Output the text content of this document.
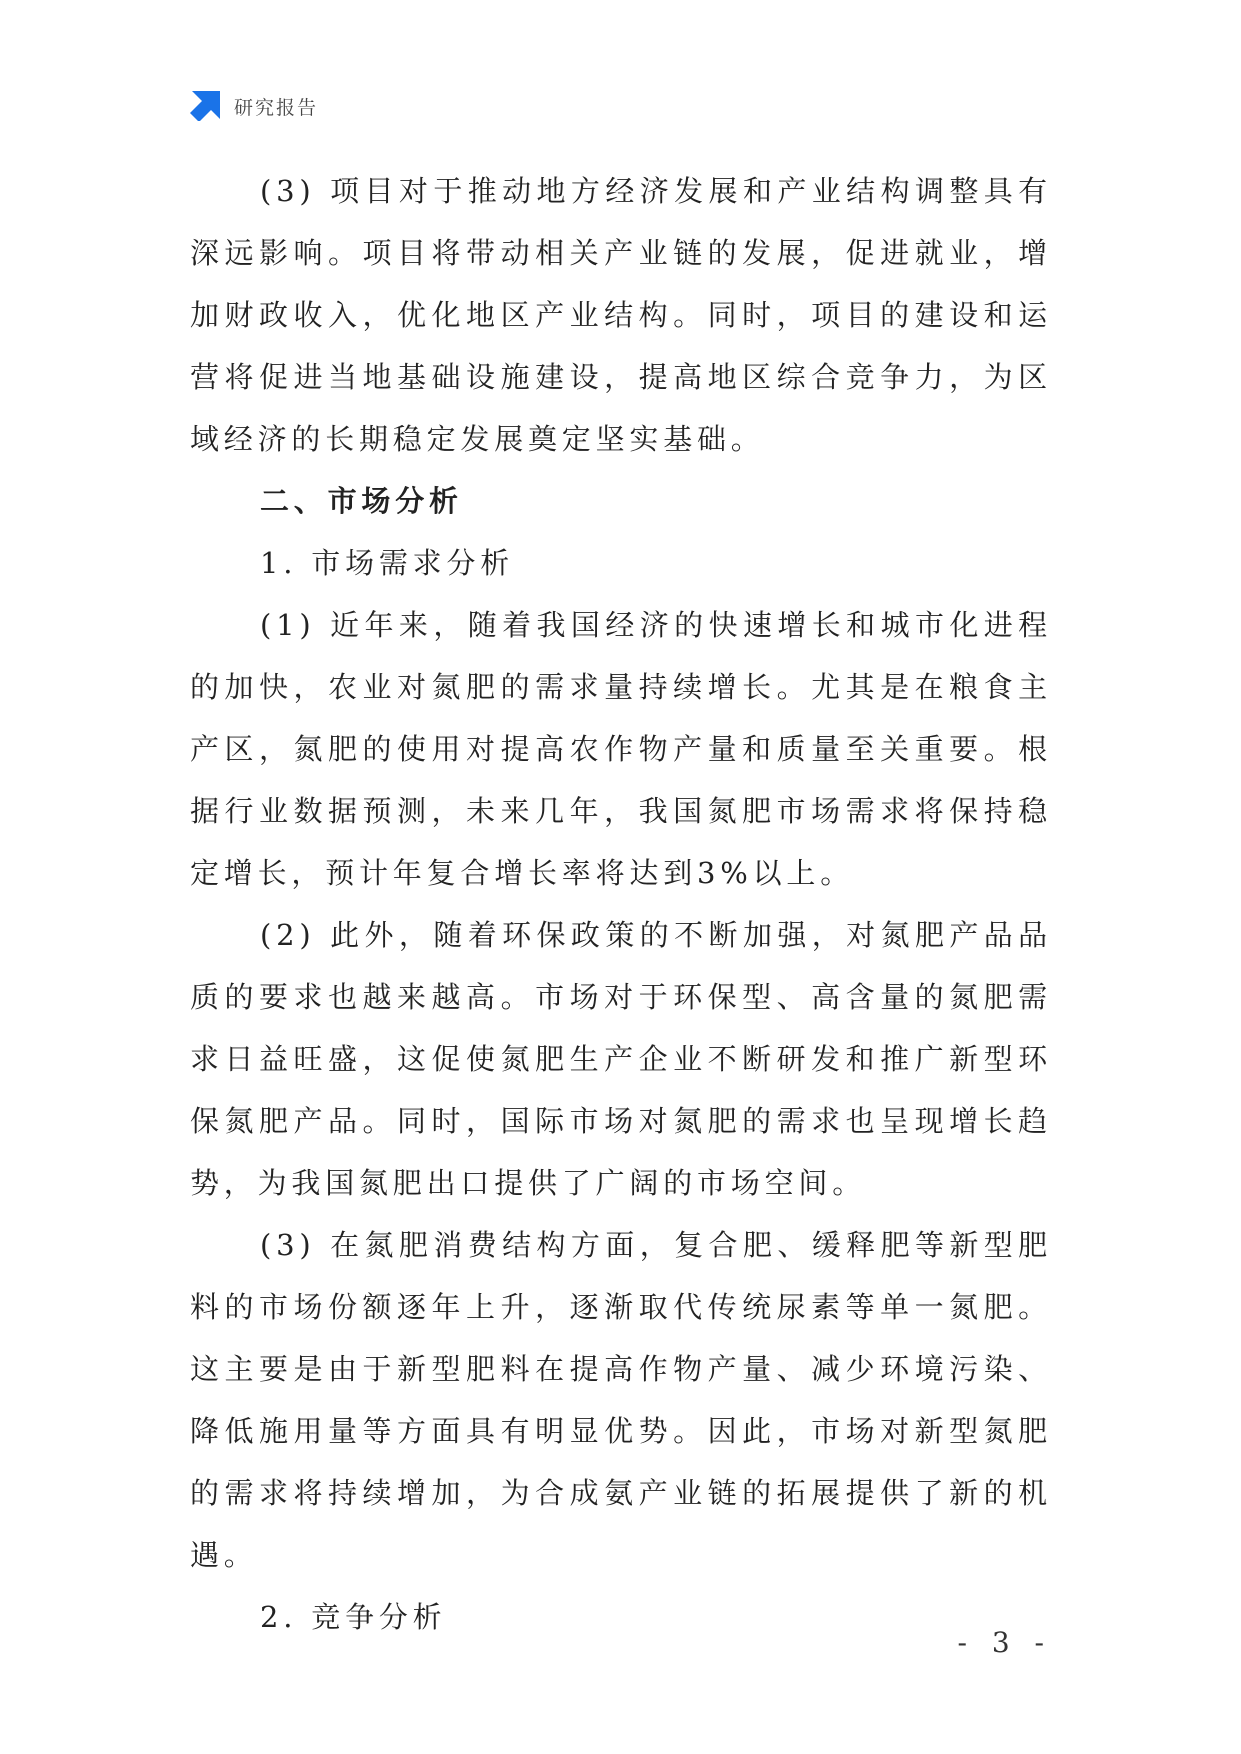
研究报告

(3) 项目对于推动地方经济发展和产业结构调整具有深远影响。项目将带动相关产业链的发展，促进就业，增加财政收入，优化地区产业结构。同时，项目的建设和运营将促进当地基础设施建设，提高地区综合竞争力，为区域经济的长期稳定发展奠定坚实基础。

二、市场分析

1. 市场需求分析

(1) 近年来，随着我国经济的快速增长和城市化进程的加快，农业对氮肥的需求量持续增长。尤其是在粮食主产区，氮肥的使用对提高农作物产量和质量至关重要。根据行业数据预测，未来几年，我国氮肥市场需求将保持稳定增长，预计年复合增长率将达到3%以上。

(2) 此外，随着环保政策的不断加强，对氮肥产品品质的要求也越来越高。市场对于环保型、高含量的氮肥需求日益旺盛，这促使氮肥生产企业不断研发和推广新型环保氮肥产品。同时，国际市场对氮肥的需求也呈现增长趋势，为我国氮肥出口提供了广阔的市场空间。

(3) 在氮肥消费结构方面，复合肥、缓释肥等新型肥料的市场份额逐年上升，逐渐取代传统尿素等单一氮肥。这主要是由于新型肥料在提高作物产量、减少环境污染、降低施用量等方面具有明显优势。因此，市场对新型氮肥的需求将持续增加，为合成氨产业链的拓展提供了新的机遇。

2. 竞争分析

- 3 -
